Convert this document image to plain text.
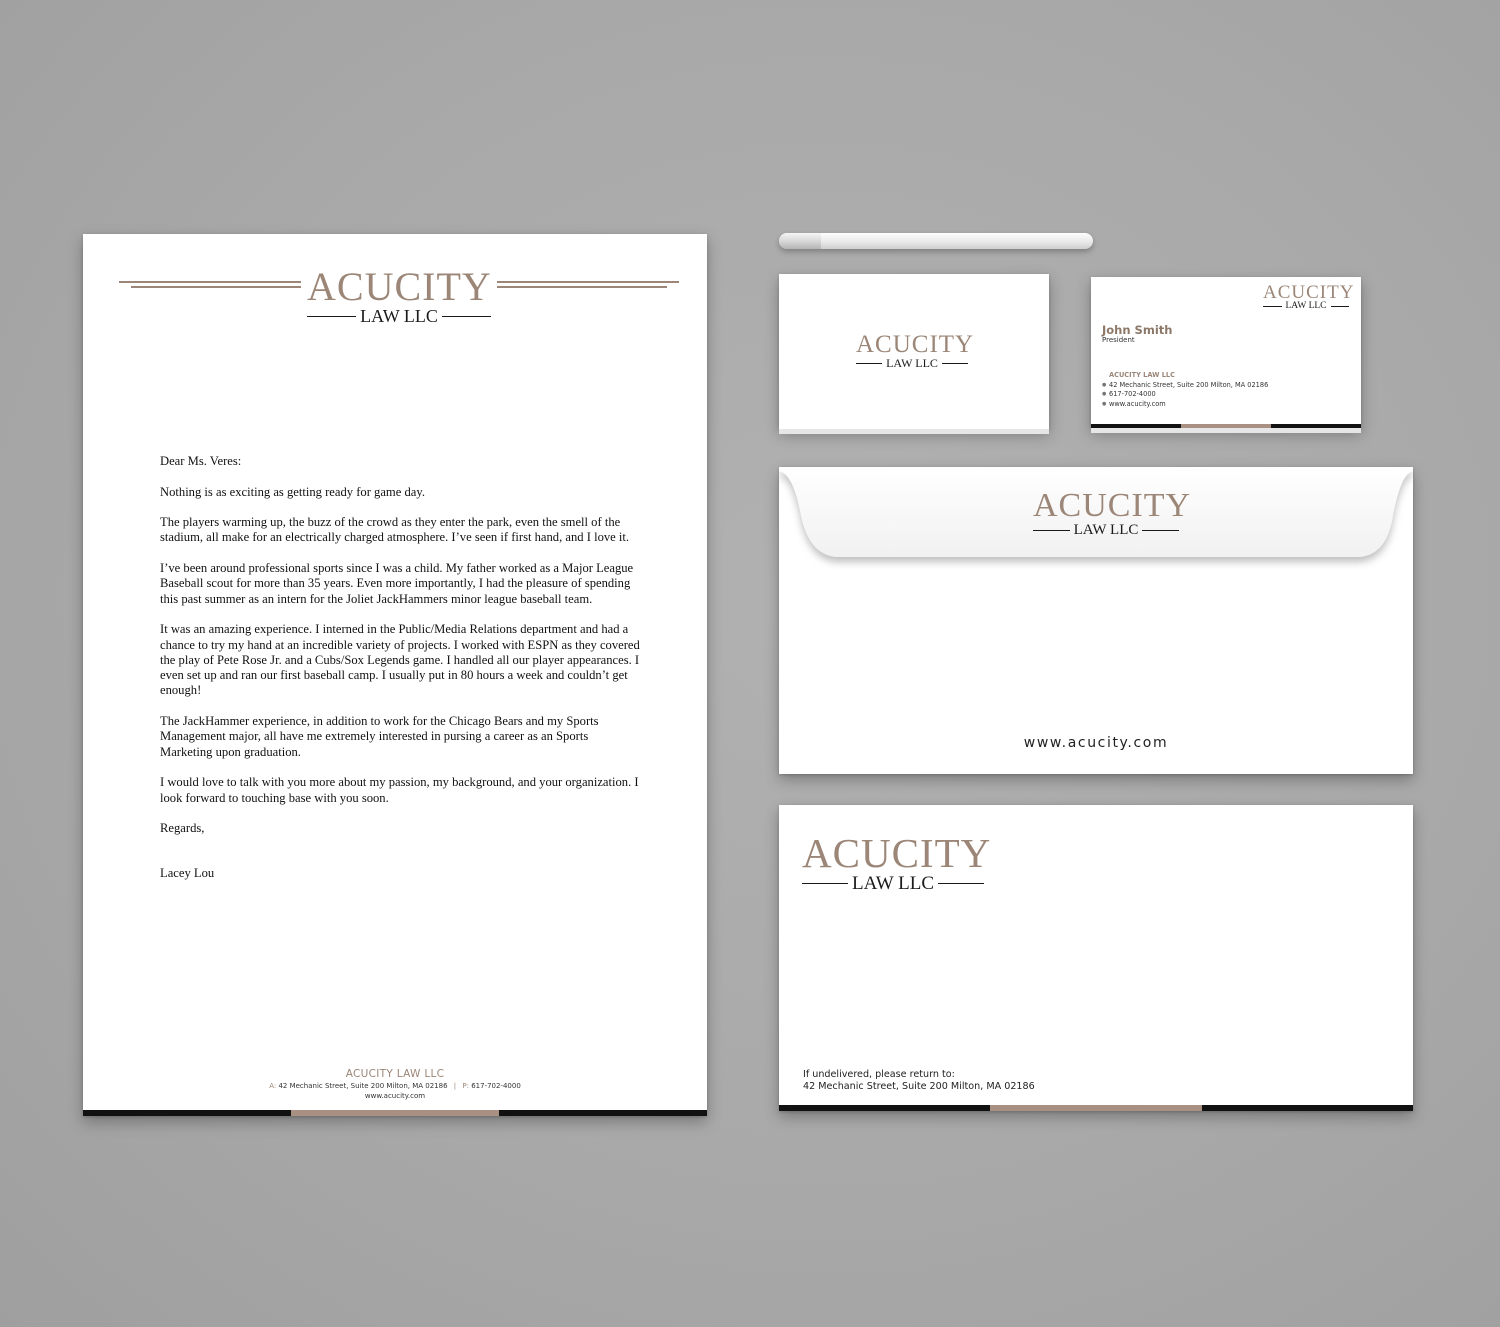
ACUCITY
LAW LLC

Dear Ms. Veres:

Nothing is as exciting as getting ready for game day.

The players warming up, the buzz of the crowd as they enter the park, even the smell of the stadium, all make for an electrically charged atmosphere. I’ve seen if first hand, and I love it.

I’ve been around professional sports since I was a child. My father worked as a Major League Baseball scout for more than 35 years. Even more importantly, I had the pleasure of spending this past summer as an intern for the Joliet JackHammers minor league baseball team.

It was an amazing experience. I interned in the Public/Media Relations department and had a chance to try my hand at an incredible variety of projects. I worked with ESPN as they covered the play of Pete Rose Jr. and a Cubs/Sox Legends game. I handled all our player appearances. I even set up and ran our first baseball camp. I usually put in 80 hours a week and couldn’t get enough!

The JackHammer experience, in addition to work for the Chicago Bears and my Sports Management major, all have me extremely interested in pursing a career as an Sports Marketing upon graduation.

I would love to talk with you more about my passion, my background, and your organization. I look forward to touching base with you soon.

Regards,

Lacey Lou

ACUCITY LAW LLC
A: 42 Mechanic Street, Suite 200 Milton, MA 02186 | P: 617-702-4000
www.acucity.com
ACUCITY
LAW LLC
ACUCITY
LAW LLC
John Smith
President
ACUCITY LAW LLC
● 42 Mechanic Street, Suite 200 Milton, MA 02186
● 617-702-4000
● www.acucity.com
ACUCITY
LAW LLC
www.acucity.com
ACUCITY
LAW LLC
If undelivered, please return to:
42 Mechanic Street, Suite 200 Milton, MA 02186
